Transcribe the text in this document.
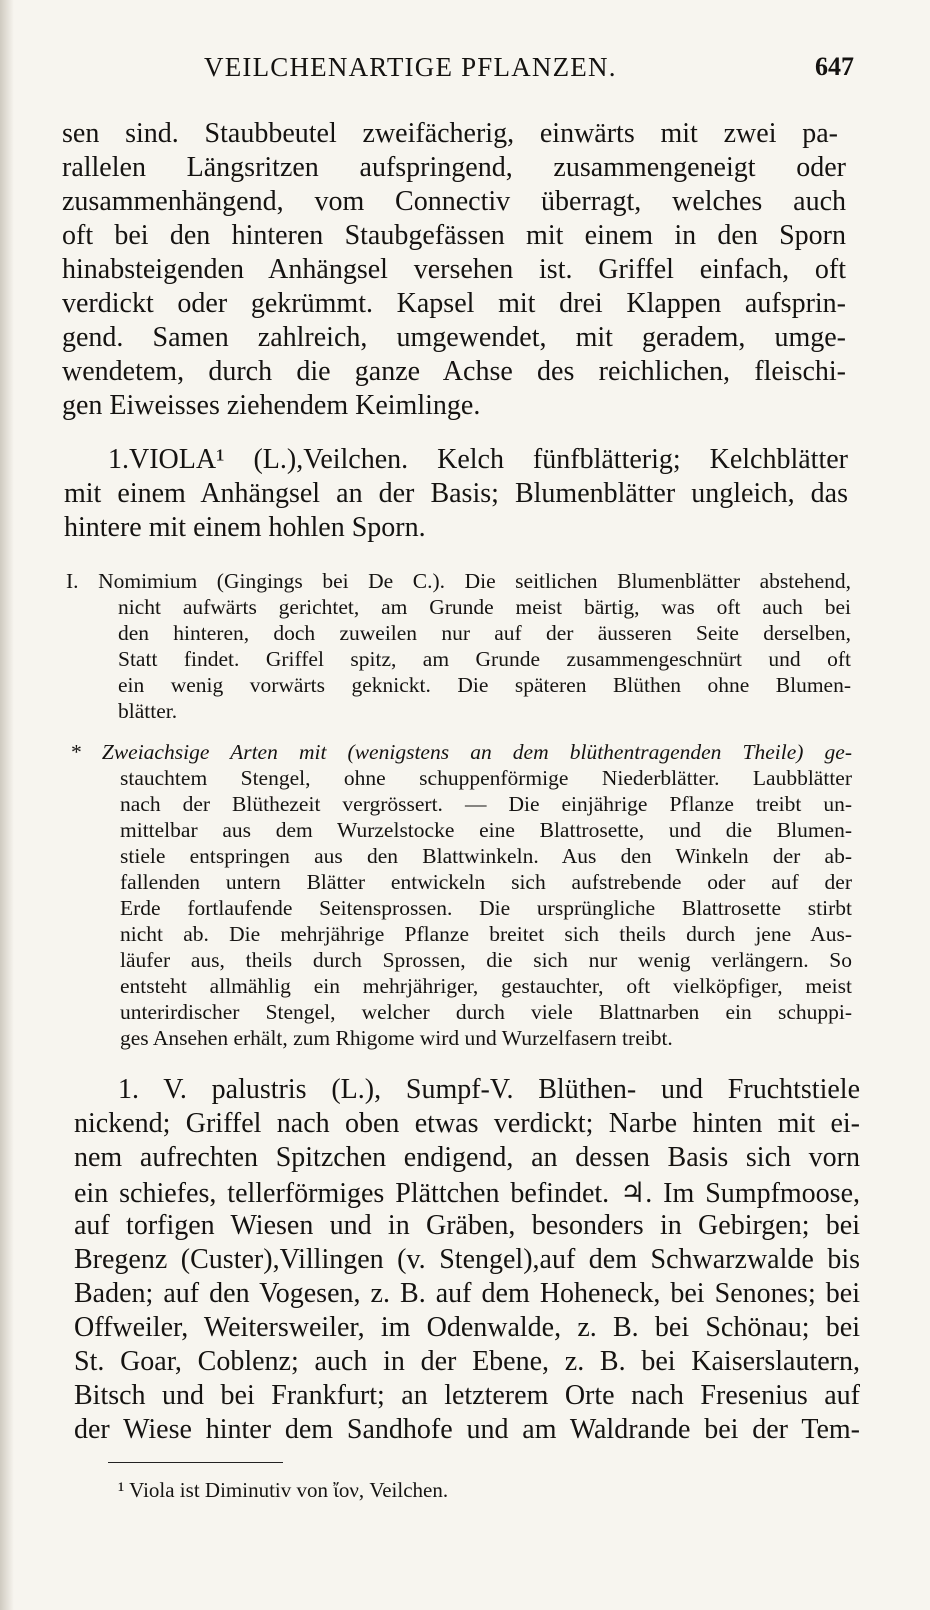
VEILCHENARTIGE PFLANZEN.	647
sen sind. Staubbeutel zweifächerig, einwärts mit zwei pa-
rallelen Längsritzen aufspringend, zusammengeneigt oder
zusammenhängend, vom Connectiv überragt, welches auch
oft bei den hinteren Staubgefässen mit einem in den Sporn
hinabsteigenden Anhängsel versehen ist. Griffel einfach, oft
verdickt oder gekrümmt. Kapsel mit drei Klappen aufsprin-
gend. Samen zahlreich, umgewendet, mit geradem, umge-
wendetem, durch die ganze Achse des reichlichen, fleischi-
gen Eiweisses ziehendem Keimlinge.
1.VIOLA¹ (L.),Veilchen. Kelch fünfblätterig; Kelchblätter
mit einem Anhängsel an der Basis; Blumenblätter ungleich, das
hintere mit einem hohlen Sporn.
I. Nomimium (Gingings bei De C.). Die seitlichen Blumenblätter abstehend,
nicht aufwärts gerichtet, am Grunde meist bärtig, was oft auch bei
den hinteren, doch zuweilen nur auf der äusseren Seite derselben,
Statt findet. Griffel spitz, am Grunde zusammengeschnürt und oft
ein wenig vorwärts geknickt. Die späteren Blüthen ohne Blumen-
blätter.
* Zweiachsige Arten mit (wenigstens an dem blüthentragenden Theile) ge-
stauchtem Stengel, ohne schuppenförmige Niederblätter. Laubblätter
nach der Blüthezeit vergrössert. — Die einjährige Pflanze treibt un-
mittelbar aus dem Wurzelstocke eine Blattrosette, und die Blumen-
stiele entspringen aus den Blattwinkeln. Aus den Winkeln der ab-
fallenden untern Blätter entwickeln sich aufstrebende oder auf der
Erde fortlaufende Seitensprossen. Die ursprüngliche Blattrosette stirbt
nicht ab. Die mehrjährige Pflanze breitet sich theils durch jene Aus-
läufer aus, theils durch Sprossen, die sich nur wenig verlängern. So
entsteht allmählig ein mehrjähriger, gestauchter, oft vielköpfiger, meist
unterirdischer Stengel, welcher durch viele Blattnarben ein schuppi-
ges Ansehen erhält, zum Rhigome wird und Wurzelfasern treibt.
1. V. palustris (L.), Sumpf-V. Blüthen- und Fruchtstiele
nickend; Griffel nach oben etwas verdickt; Narbe hinten mit ei-
nem aufrechten Spitzchen endigend, an dessen Basis sich vorn
ein schiefes, tellerförmiges Plättchen befindet. ♃. Im Sumpfmoose,
auf torfigen Wiesen und in Gräben, besonders in Gebirgen; bei
Bregenz (Custer),Villingen (v. Stengel),auf dem Schwarzwalde bis
Baden; auf den Vogesen, z. B. auf dem Hoheneck, bei Senones; bei
Offweiler, Weitersweiler, im Odenwalde, z. B. bei Schönau; bei
St. Goar, Coblenz; auch in der Ebene, z. B. bei Kaiserslautern,
Bitsch und bei Frankfurt; an letzterem Orte nach Fresenius auf
der Wiese hinter dem Sandhofe und am Waldrande bei der Tem-
¹ Viola ist Diminutiv von ἴον, Veilchen.
